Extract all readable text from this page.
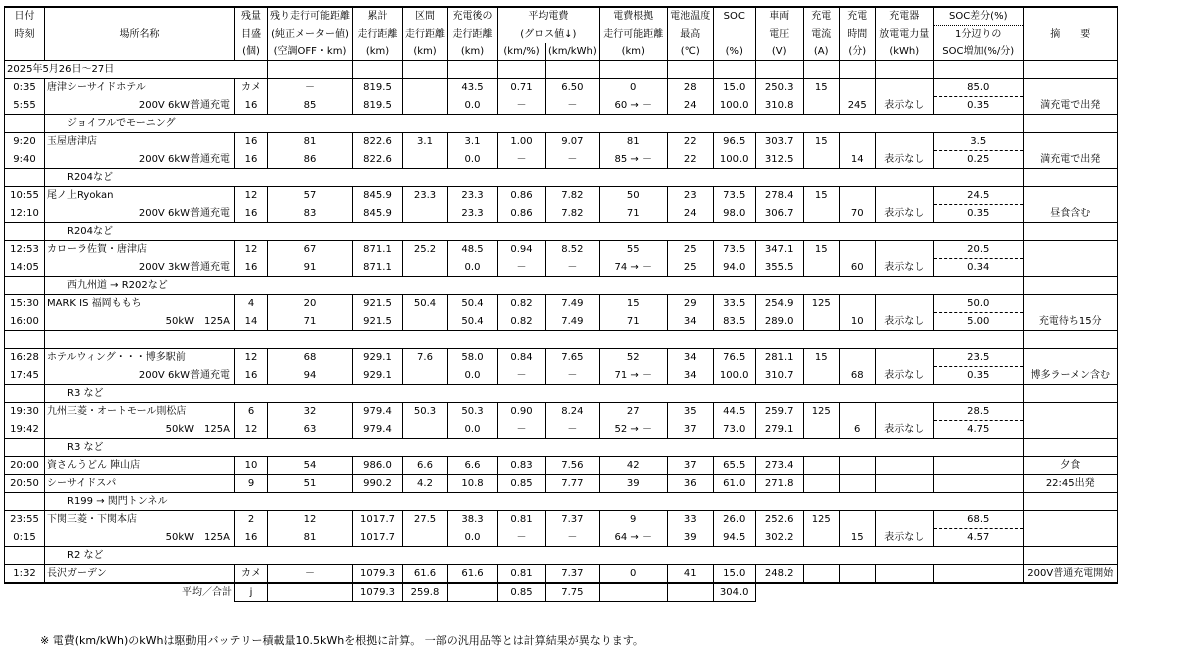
日付		残量	残り走行可能距離	累計	区間	充電後の	平均電費		電費根拠	電池温度	SOC	車両	充電	充電	充電器	SOC差分(%)	
時刻	場所名称	目盛	(純正メーター値)	走行距離	走行距離	走行距離	(グロス値↓)		走行可能距離	最高		電圧	電流	時間	放電電力量	1分辺りの	摘　　要
		(個)	(空調OFF・km)	(km)	(km)	(km)	(km/%)	(km/kWh)	(km)	(℃)	(%)	(V)	(A)	(分)	(kWh)	SOC増加(%/分)	
2025年5月26日～27日																	
0:35	唐津シーサイドホテル	カメ	－	819.5		43.5	0.71	6.50	0	28	15.0	250.3	15			85.0	
5:55	200V 6kW普通充電	16	85	819.5		0.0	－	－	60 → －	24	100.0	310.8		245	表示なし	0.35	満充電で出発
	ジョイフルでモーニング																
9:20	玉屋唐津店	16	81	822.6	3.1	3.1	1.00	9.07	81	22	96.5	303.7	15			3.5	
9:40	200V 6kW普通充電	16	86	822.6		0.0	－	－	85 → －	22	100.0	312.5		14	表示なし	0.25	満充電で出発
	R204など																
10:55	尾ノ上Ryokan	12	57	845.9	23.3	23.3	0.86	7.82	50	23	73.5	278.4	15			24.5	
12:10	200V 6kW普通充電	16	83	845.9		23.3	0.86	7.82	71	24	98.0	306.7		70	表示なし	0.35	昼食含む
	R204など																
12:53	カローラ佐賀・唐津店	12	67	871.1	25.2	48.5	0.94	8.52	55	25	73.5	347.1	15			20.5	
14:05	200V 3kW普通充電	16	91	871.1		0.0	－	－	74 → －	25	94.0	355.5		60	表示なし	0.34	
	西九州道 → R202など																
15:30	MARK IS 福岡ももち	4	20	921.5	50.4	50.4	0.82	7.49	15	29	33.5	254.9	125			50.0	
16:00	50kW　125A	14	71	921.5		50.4	0.82	7.49	71	34	83.5	289.0		10	表示なし	5.00	充電待ち15分

16:28	ホテルウィング・・・博多駅前	12	68	929.1	7.6	58.0	0.84	7.65	52	34	76.5	281.1	15			23.5	
17:45	200V 6kW普通充電	16	94	929.1		0.0	－	－	71 → －	34	100.0	310.7		68	表示なし	0.35	博多ラーメン含む
	R3 など																
19:30	九州三菱・オートモール則松店	6	32	979.4	50.3	50.3	0.90	8.24	27	35	44.5	259.7	125			28.5	
19:42	50kW　125A	12	63	979.4		0.0	－	－	52 → －	37	73.0	279.1		6	表示なし	4.75	
	R3 など																
20:00	資さんうどん 陣山店	10	54	986.0	6.6	6.6	0.83	7.56	42	37	65.5	273.4					夕食
20:50	シーサイドスパ	9	51	990.2	4.2	10.8	0.85	7.77	39	36	61.0	271.8					22:45出発
	R199 → 関門トンネル																
23:55	下関三菱・下関本店	2	12	1017.7	27.5	38.3	0.81	7.37	9	33	26.0	252.6	125			68.5	
0:15	50kW　125A	16	81	1017.7		0.0	－	－	64 → －	39	94.5	302.2		15	表示なし	4.57	
	R2 など																
1:32	長沢ガーデン	カメ	－	1079.3	61.6	61.6	0.81	7.37	0	41	15.0	248.2					200V普通充電開始
	平均／合計	j		1079.3	259.8		0.85	7.75			304.0						
※ 電費(km/kWh)のkWhは駆動用バッテリー積載量10.5kWhを根拠に計算。 一部の汎用品等とは計算結果が異なります。
